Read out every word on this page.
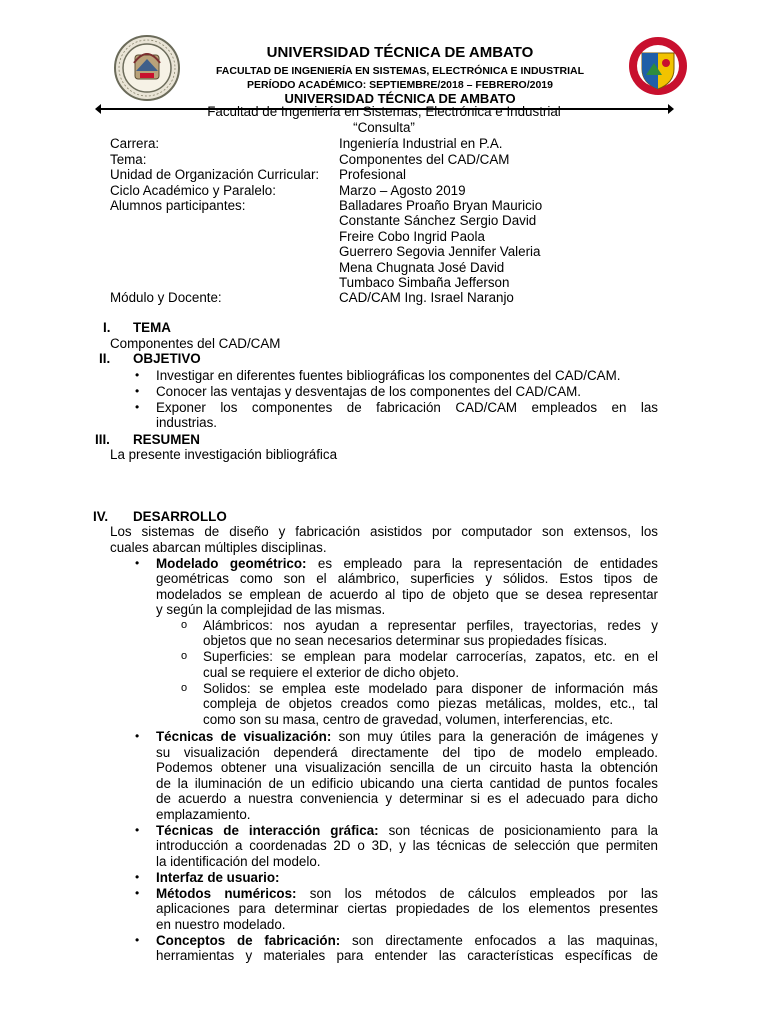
UNIVERSIDAD TÉCNICA DE AMBATO
FACULTAD DE INGENIERÍA EN SISTEMAS, ELECTRÓNICA E INDUSTRIAL
PERÍODO ACADÉMICO: SEPTIEMBRE/2018 – FEBRERO/2019
UNIVERSIDAD TÉCNICA DE AMBATO
Facultad de Ingeniería en Sistemas, Electrónica e Industrial
“Consulta”
Carrera:	Ingeniería Industrial en P.A.
Tema:	Componentes del CAD/CAM
Unidad de Organización Curricular: Profesional
Ciclo Académico y Paralelo:	Marzo – Agosto 2019
Alumnos participantes:	Balladares Proaño Bryan Mauricio
Constante Sánchez Sergio David
Freire Cobo Ingrid Paola
Guerrero Segovia Jennifer Valeria
Mena Chugnata José David
Tumbaco Simbaña Jefferson
Módulo y Docente:	CAD/CAM Ing. Israel Naranjo
I. TEMA
Componentes del CAD/CAM
II. OBJETIVO
• Investigar en diferentes fuentes bibliográficas los componentes del CAD/CAM.
• Conocer las ventajas y desventajas de los componentes del CAD/CAM.
• Exponer los componentes de fabricación CAD/CAM empleados en las
industrias.
III. RESUMEN
La presente investigación bibliográfica
IV. DESARROLLO
Los sistemas de diseño y fabricación asistidos por computador son extensos, los
cuales abarcan múltiples disciplinas.
• Modelado geométrico: es empleado para la representación de entidades
geométricas como son el alámbrico, superficies y sólidos. Estos tipos de
modelados se emplean de acuerdo al tipo de objeto que se desea representar
y según la complejidad de las mismas.
o Alámbricos: nos ayudan a representar perfiles, trayectorias, redes y
objetos que no sean necesarios determinar sus propiedades físicas.
o Superficies: se emplean para modelar carrocerías, zapatos, etc. en el
cual se requiere el exterior de dicho objeto.
o Solidos: se emplea este modelado para disponer de información más
compleja de objetos creados como piezas metálicas, moldes, etc., tal
como son su masa, centro de gravedad, volumen, interferencias, etc.
• Técnicas de visualización: son muy útiles para la generación de imágenes y
su visualización dependerá directamente del tipo de modelo empleado.
Podemos obtener una visualización sencilla de un circuito hasta la obtención
de la iluminación de un edificio ubicando una cierta cantidad de puntos focales
de acuerdo a nuestra conveniencia y determinar si es el adecuado para dicho
emplazamiento.
• Técnicas de interacción gráfica: son técnicas de posicionamiento para la
introducción a coordenadas 2D o 3D, y las técnicas de selección que permiten
la identificación del modelo.
• Interfaz de usuario:
• Métodos numéricos: son los métodos de cálculos empleados por las
aplicaciones para determinar ciertas propiedades de los elementos presentes
en nuestro modelado.
• Conceptos de fabricación: son directamente enfocados a las maquinas,
herramientas y materiales para entender las características específicas de
